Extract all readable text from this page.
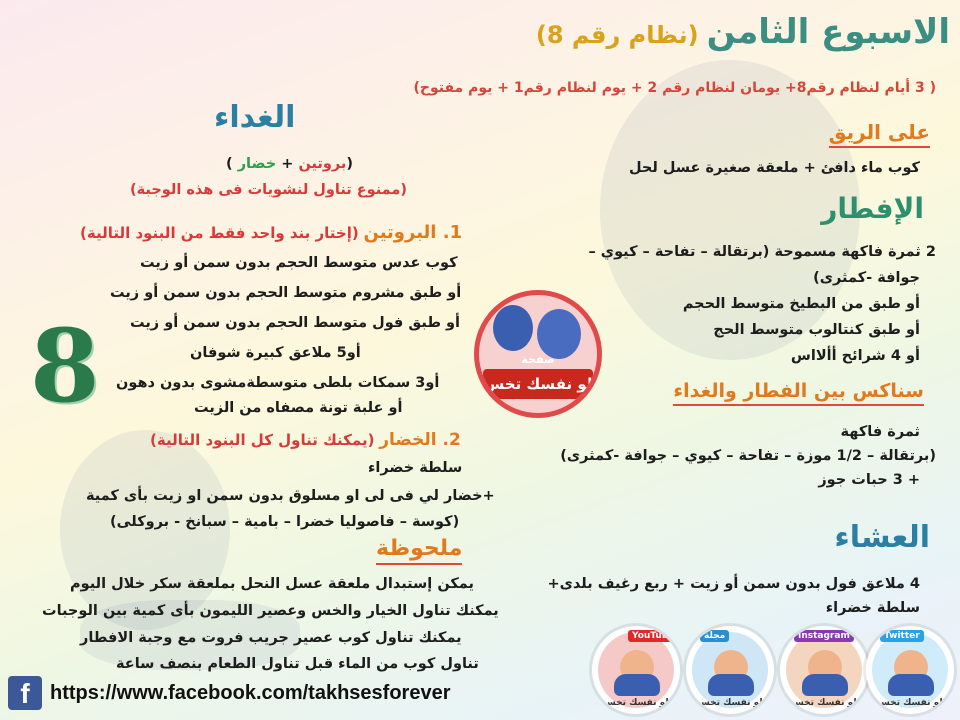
الاسبوع الثامن(نظام رقم 8)
( 3 أيام لنظام رقم8+ يومان لنظام رقم 2 + يوم لنظام رقم1 + يوم مفتوح)
على الريق
كوب ماء دافئ + ملعقة صغيرة عسل لحل
الإفطار
2 ثمرة فاكهة مسموحة (برتقالة – تفاحة – كيوي –
جوافة -كمثرى)
أو طبق من البطيخ متوسط الحجم
أو طبق كنتالوب متوسط الحج
أو 4 شرائح أألااس
سناكس بين الفطار والغداء
ثمرة فاكهة
(برتقالة – 1/2 موزة – تفاحة – كيوي – جوافة -كمثرى)
+ 3 حبات جوز
العشاء
4 ملاعق فول بدون سمن أو زيت + ربع رغيف بلدى+
سلطة خضراء
الغداء
(بروتين + خضار )
(ممنوع تناول لنشويات فى هذه الوجبة)
1. البروتين (إختار بند واحد فقط من البنود التالية)
كوب عدس متوسط الحجم بدون سمن أو زيت
أو طبق مشروم متوسط الحجم بدون سمن أو زيت
أو طبق فول متوسط الحجم بدون سمن أو زيت
أو5 ملاعق كبيرة شوفان
أو3 سمكات بلطى متوسطةمشوى بدون دهون
أو علبة تونة مصفاه من الزيت
2. الخضار (يمكنك تناول كل البنود التالية)
سلطة خضراء
+خضار لي فى لى او مسلوق بدون سمن او زيت بأى كمية
(كوسة – فاصوليا خضرا – بامية – سبانخ - بروكلى)
8	صفحة
لو نفسك تخس
ملحوظة
يمكن إستبدال ملعقة عسل النحل بملعقة سكر خلال اليوم
يمكنك تناول الخيار والخس وعصير الليمون بأى كمية بين الوجبات
يمكنك تناول كوب عصير جريب فروت مع وجبة الافطار
تناول كوب من الماء قبل تناول الطعام بنصف ساعة
YouTube
لو نفسك تخس
مجلة
لو نفسك تخس
Instagram
لو نفسك تخس
Twitter
لو نفسك تخس
f	https://www.facebook.com/takhsesforever
